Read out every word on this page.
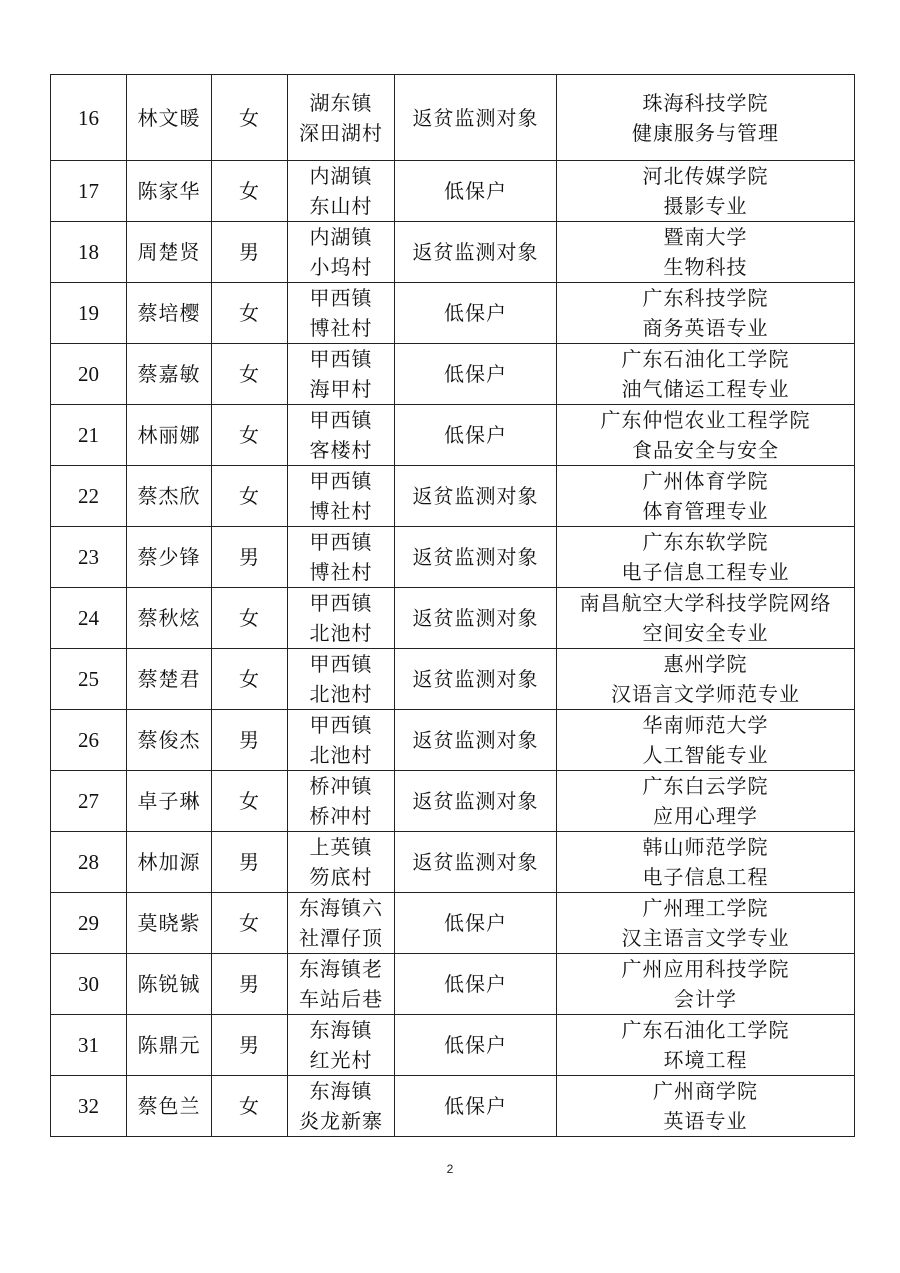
16	林文暖	女	湖东镇
深田湖村	返贫监测对象	珠海科技学院
健康服务与管理

17	陈家华	女	内湖镇
东山村	低保户	河北传媒学院
摄影专业

18	周楚贤	男	内湖镇
小坞村	返贫监测对象	暨南大学
生物科技

19	蔡培樱	女	甲西镇
博社村	低保户	广东科技学院
商务英语专业

20	蔡嘉敏	女	甲西镇
海甲村	低保户	广东石油化工学院
油气储运工程专业

21	林丽娜	女	甲西镇
客楼村	低保户	广东仲恺农业工程学院
食品安全与安全

22	蔡杰欣	女	甲西镇
博社村	返贫监测对象	广州体育学院
体育管理专业

23	蔡少锋	男	甲西镇
博社村	返贫监测对象	广东东软学院
电子信息工程专业

24	蔡秋炫	女	甲西镇
北池村	返贫监测对象	南昌航空大学科技学院网络
空间安全专业

25	蔡楚君	女	甲西镇
北池村	返贫监测对象	惠州学院
汉语言文学师范专业

26	蔡俊杰	男	甲西镇
北池村	返贫监测对象	华南师范大学
人工智能专业

27	卓子琳	女	桥冲镇
桥冲村	返贫监测对象	广东白云学院
应用心理学

28	林加源	男	上英镇
笏底村	返贫监测对象	韩山师范学院
电子信息工程

29	莫晓紫	女	东海镇六
社潭仔顶	低保户	广州理工学院
汉主语言文学专业

30	陈锐铖	男	东海镇老
车站后巷	低保户	广州应用科技学院
会计学

31	陈鼎元	男	东海镇
红光村	低保户	广东石油化工学院
环境工程

32	蔡色兰	女	东海镇
炎龙新寨	低保户	广州商学院
英语专业
2
